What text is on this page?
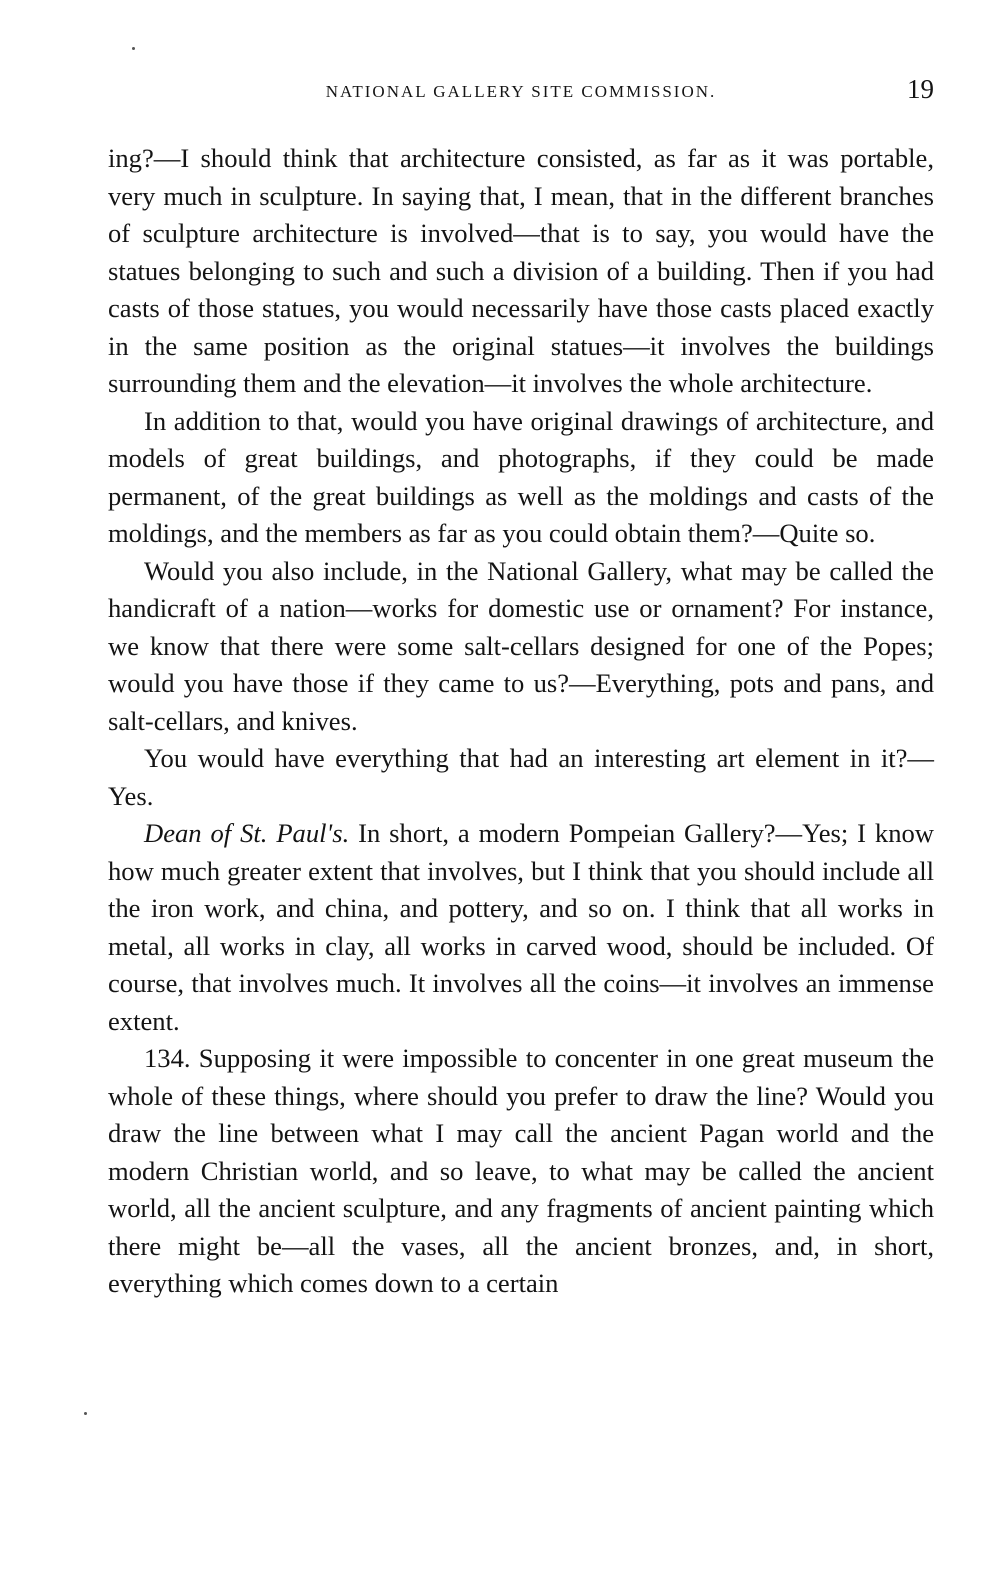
NATIONAL GALLERY SITE COMMISSION.	19

ing?—I should think that architecture consisted, as far as it was portable, very much in sculpture. In saying that, I mean, that in the different branches of sculpture architecture is involved—that is to say, you would have the statues belonging to such and such a division of a building. Then if you had casts of those statues, you would necessarily have those casts placed exactly in the same position as the original statues—it involves the buildings surrounding them and the elevation—it involves the whole architecture.

In addition to that, would you have original drawings of architecture, and models of great buildings, and photographs, if they could be made permanent, of the great buildings as well as the moldings and casts of the moldings, and the members as far as you could obtain them?—Quite so.

Would you also include, in the National Gallery, what may be called the handicraft of a nation—works for domestic use or ornament? For instance, we know that there were some salt-cellars designed for one of the Popes; would you have those if they came to us?—Everything, pots and pans, and salt-cellars, and knives.

You would have everything that had an interesting art element in it?—Yes.

Dean of St. Paul's. In short, a modern Pompeian Gallery?—Yes; I know how much greater extent that involves, but I think that you should include all the iron work, and china, and pottery, and so on. I think that all works in metal, all works in clay, all works in carved wood, should be included. Of course, that involves much. It involves all the coins—it involves an immense extent.

134. Supposing it were impossible to concenter in one great museum the whole of these things, where should you prefer to draw the line? Would you draw the line between what I may call the ancient Pagan world and the modern Christian world, and so leave, to what may be called the ancient world, all the ancient sculpture, and any fragments of ancient painting which there might be—all the vases, all the ancient bronzes, and, in short, everything which comes down to a certain
